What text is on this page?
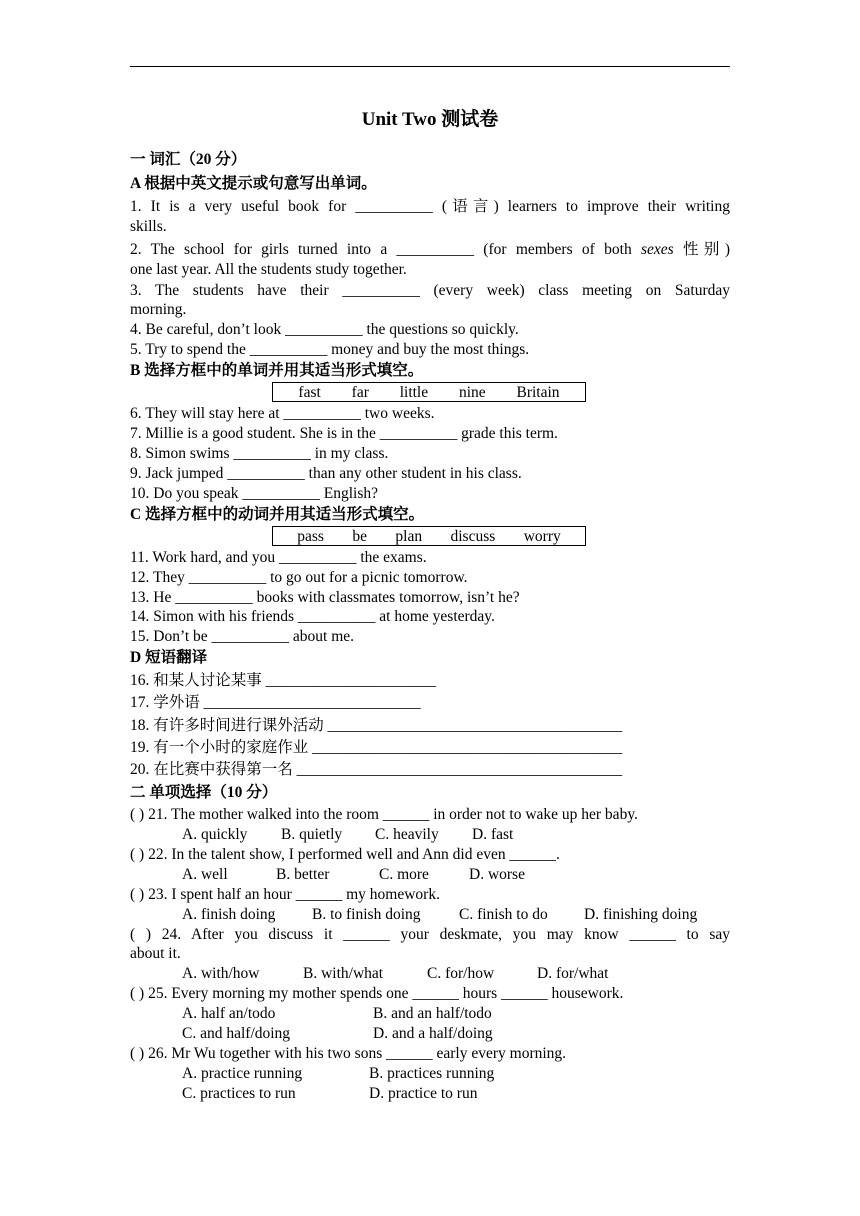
Unit Two 测试卷
一 词汇（20 分）
A 根据中英文提示或句意写出单词。
1. It is a very useful book for __________ (语言) learners to improve their writing
skills.
2. The school for girls turned into a __________ (for members of both sexes 性别)
one last year. All the students study together.
3. The students have their __________ (every week) class meeting on Saturday
morning.
4. Be careful, don’t look __________ the questions so quickly.
5. Try to spend the __________ money and buy the most things.
B 选择方框中的单词并用其适当形式填空。
fast far little nine Britain
6. They will stay here at __________ two weeks.
7. Millie is a good student. She is in the __________ grade this term.
8. Simon swims __________ in my class.
9. Jack jumped __________ than any other student in his class.
10. Do you speak __________ English?
C 选择方框中的动词并用其适当形式填空。
pass be plan discuss worry
11. Work hard, and you __________ the exams.
12. They __________ to go out for a picnic tomorrow.
13. He __________ books with classmates tomorrow, isn’t he?
14. Simon with his friends __________ at home yesterday.
15. Don’t be __________ about me.
D 短语翻译
16. 和某人讨论某事 ______________________
17. 学外语 ____________________________
18. 有许多时间进行课外活动 ______________________________________
19. 有一个小时的家庭作业 ________________________________________
20. 在比赛中获得第一名 __________________________________________
二 单项选择（10 分）
( ) 21. The mother walked into the room ______ in order not to wake up her baby.
A. quickly B. quietly C. heavily D. fast
( ) 22. In the talent show, I performed well and Ann did even ______.
A. well	B. better	C. more	D. worse
( ) 23. I spent half an hour ______ my homework.
A. finish doing B. to finish doing C. finish to do D. finishing doing
( ) 24. After you discuss it ______ your deskmate, you may know ______ to say
about it.
A. with/how	B. with/what	C. for/how	D. for/what
( ) 25. Every morning my mother spends one ______ hours ______ housework.
A. half an/todo	B. and an half/todo
C. and half/doing	D. and a half/doing
( ) 26. Mr Wu together with his two sons ______ early every morning.
A. practice running	B. practices running
C. practices to run	D. practice to run
